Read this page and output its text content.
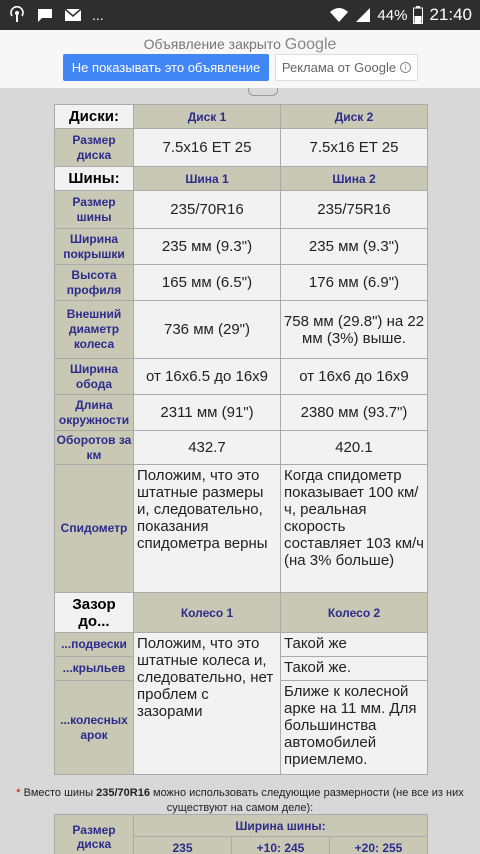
...	44% 21:40
Объявление закрыто Google
Не показывать это объявление	Реклама от Google	i
Диски:	Диск 1	Диск 2
Размер диска	7.5x16 ET 25	7.5x16 ET 25
Шины:	Шина 1	Шина 2
Размер шины	235/70R16	235/75R16
Ширина покрышки	235 мм (9.3")	235 мм (9.3")
Высота профиля	165 мм (6.5")	176 мм (6.9")
Внешний диаметр колеса	736 мм (29")	758 мм (29.8") на 22 мм (3%) выше.
Ширина обода	от 16x6.5 до 16x9	от 16x6 до 16x9
Длина окружности	2311 мм (91")	2380 мм (93.7")
Оборотов за км	432.7	420.1
Спидометр	Положим, что это штатные размеры и, следовательно, показания спидометра верны	Когда спидометр показывает 100 км/ч, реальная скорость составляет 103 км/ч (на 3% больше)
Зазор до...	Колесо 1	Колесо 2
...подвески	Положим, что это штатные колеса и, следовательно, нет проблем с зазорами	Такой же
...крыльев		Такой же.
...колесных арок		Ближе к колесной арке на 11 мм. Для большинства автомобилей приемлемо.
* Вместо шины 235/70R16 можно использовать следующие размерности (не все из них существуют на самом деле):
Размер диска	Ширина шины:		
	235	+10: 245	+20: 255
